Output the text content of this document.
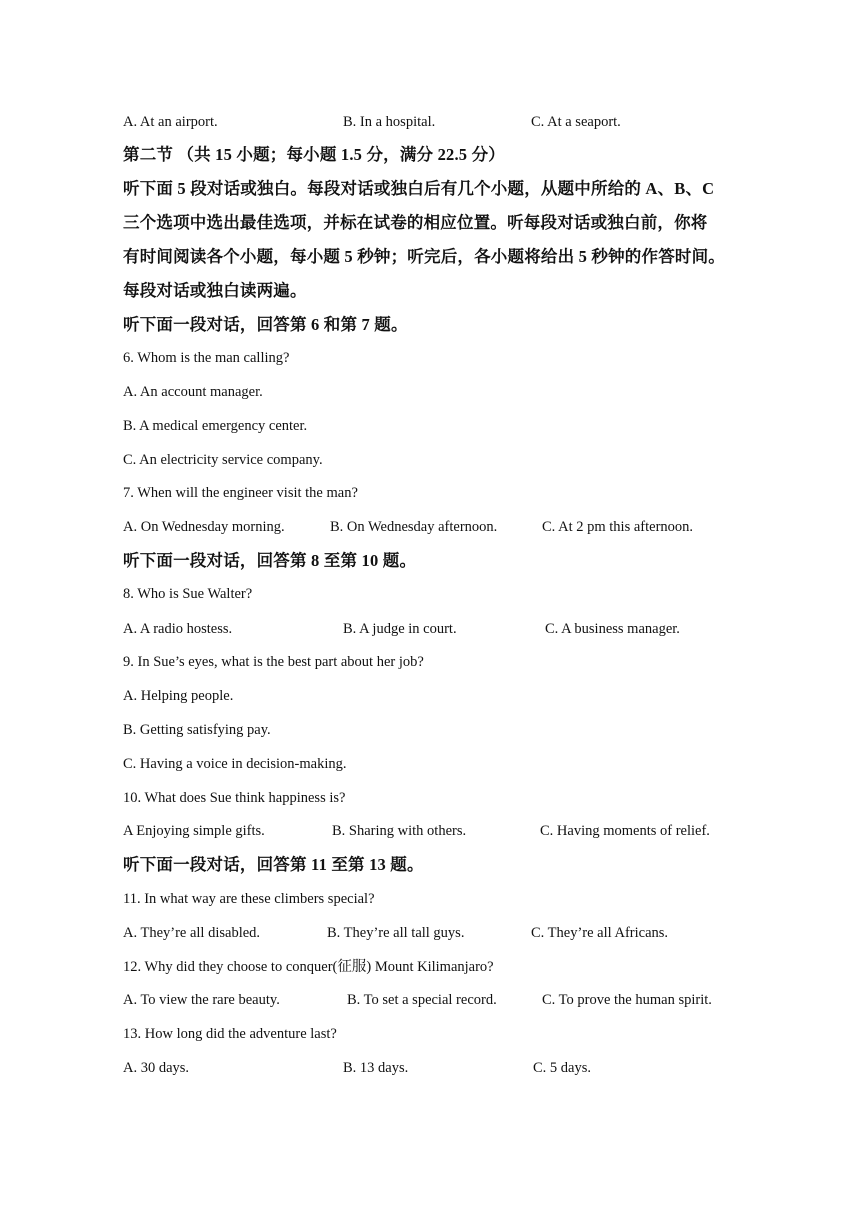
A. At an airport.	B. In a hospital.	C. At a seaport.
第二节 （共 15 小题；每小题 1.5 分，满分 22.5 分）
听下面 5 段对话或独白。每段对话或独白后有几个小题，从题中所给的 A、B、C
三个选项中选出最佳选项，并标在试卷的相应位置。听每段对话或独白前，你将
有时间阅读各个小题，每小题 5 秒钟；听完后，各小题将给出 5 秒钟的作答时间。
每段对话或独白读两遍。
听下面一段对话，回答第 6 和第 7 题。
6. Whom is the man calling?
A. An account manager.
B. A medical emergency center.
C. An electricity service company.
7. When will the engineer visit the man?
A. On Wednesday morning.	B. On Wednesday afternoon.	C. At 2 pm this afternoon.
听下面一段对话，回答第 8 至第 10 题。
8. Who is Sue Walter?
A. A radio hostess.	B. A judge in court.	C. A business manager.
9. In Sue’s eyes, what is the best part about her job?
A. Helping people.
B. Getting satisfying pay.
C. Having a voice in decision-making.
10. What does Sue think happiness is?
A Enjoying simple gifts.	B. Sharing with others.	C. Having moments of relief.
听下面一段对话，回答第 11 至第 13 题。
11. In what way are these climbers special?
A. They’re all disabled.	B. They’re all tall guys.	C. They’re all Africans.
12. Why did they choose to conquer(征服) Mount Kilimanjaro?
A. To view the rare beauty.	B. To set a special record.	C. To prove the human spirit.
13. How long did the adventure last?
A. 30 days.	B. 13 days.	C. 5 days.
